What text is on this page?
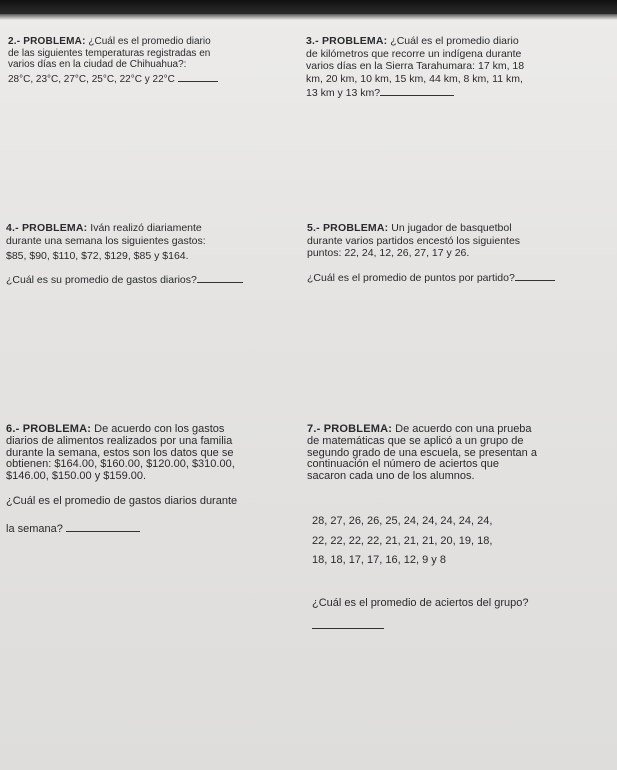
2.- PROBLEMA: ¿Cuál es el promedio diario

de las siguientes temperaturas registradas en

varios días en la ciudad de Chihuahua?:

28°C, 23°C, 27°C, 25°C, 22°C y 22°C

3.- PROBLEMA: ¿Cuál es el promedio diario

de kilómetros que recorre un indígena durante

varios días en la Sierra Tarahumara: 17 km, 18

km, 20 km, 10 km, 15 km, 44 km, 8 km, 11 km,

13 km y 13 km?

4.- PROBLEMA: Iván realizó diariamente

durante una semana los siguientes gastos:

$85, $90, $110, $72, $129, $85 y $164.

¿Cuál es su promedio de gastos diarios?

5.- PROBLEMA: Un jugador de basquetbol

durante varios partidos encestó los siguientes

puntos: 22, 24, 12, 26, 27, 17 y 26.

¿Cuál es el promedio de puntos por partido?

6.- PROBLEMA: De acuerdo con los gastos

diarios de alimentos realizados por una familia

durante la semana, estos son los datos que se

obtienen: $164.00, $160.00, $120.00, $310.00,

$146.00, $150.00 y $159.00.

¿Cuál es el promedio de gastos diarios durante

la semana?

7.- PROBLEMA: De acuerdo con una prueba

de matemáticas que se aplicó a un grupo de

segundo grado de una escuela, se presentan a

continuación el número de aciertos que

sacaron cada uno de los alumnos.

28, 27, 26, 26, 25, 24, 24, 24, 24, 24,

22, 22, 22, 22, 21, 21, 21, 20, 19, 18,

18, 18, 17, 17, 16, 12, 9 y 8

¿Cuál es el promedio de aciertos del grupo?
